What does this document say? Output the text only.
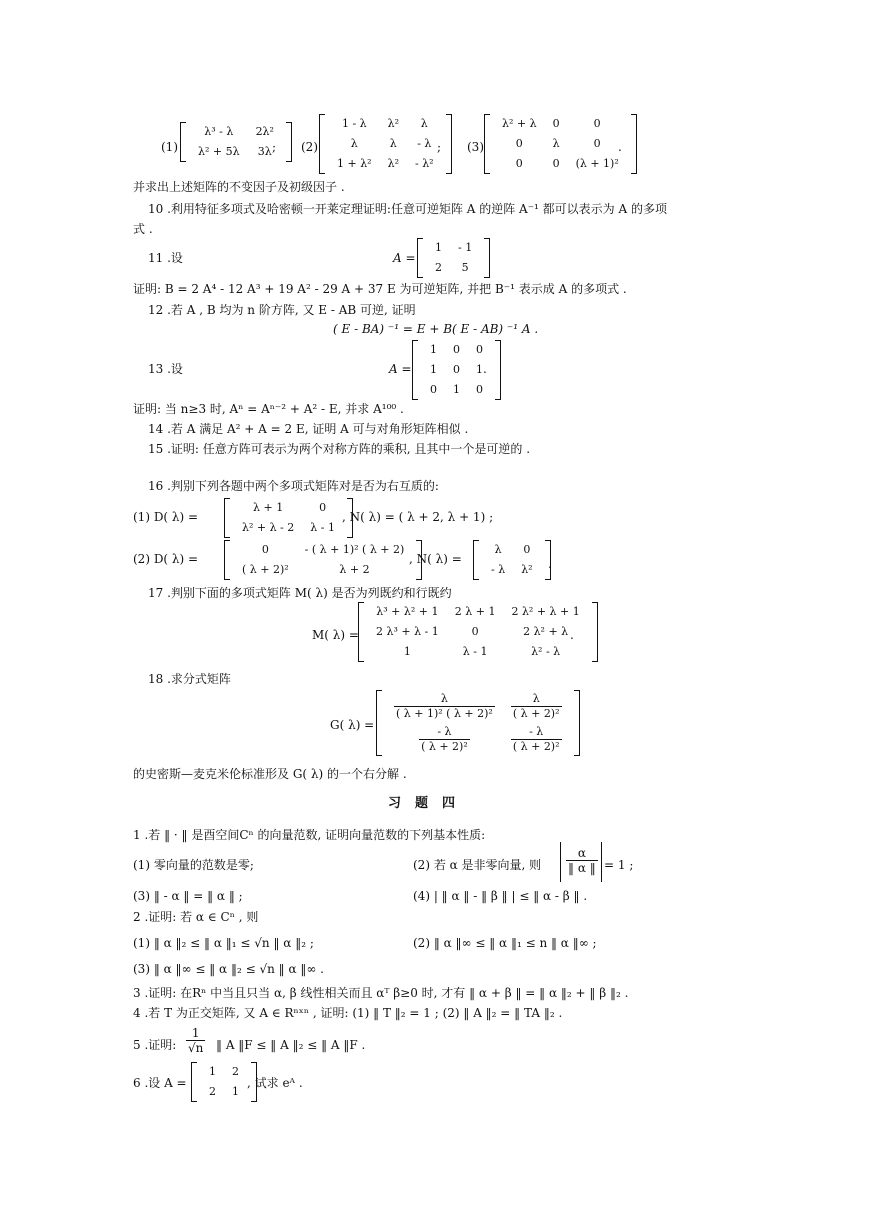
(1)
λ³ - λ	2λ²
λ² + 5λ	3λ ; (2)
1 - λ	λ²	λ
λ	λ	- λ
1 + λ²	λ²	- λ²
; (3)
λ² + λ	0	0
0	λ	0
0	0	(λ + 1)²
.
并求出上述矩阵的不变因子及初级因子 .
10 .利用特征多项式及哈密顿一开莱定理证明:任意可逆矩阵 A 的逆阵 A⁻¹ 都可以表示为 A 的多项
式 .
11 .设	A =
1	- 1
2	5
证明: B = 2 A⁴ - 12 A³ + 19 A² - 29 A + 37 E 为可逆矩阵, 并把 B⁻¹ 表示成 A 的多项式 .
12 .若 A , B 均为 n 阶方阵, 又 E - AB 可逆, 证明
( E - BA) ⁻¹ = E + B( E - AB) ⁻¹ A .
13 .设	A =
1	0	0
1	0	1
0	1	0
.
证明: 当 n≥3 时, Aⁿ = Aⁿ⁻² + A² - E, 并求 A¹⁰⁰ .
14 .若 A 满足 A² + A = 2 E, 证明 A 可与对角形矩阵相似 .
15 .证明: 任意方阵可表示为两个对称方阵的乘积, 且其中一个是可逆的 .
16 .判别下列各题中两个多项式矩阵对是否为右互质的:
(1) D( λ) =
λ + 1	0
λ² + λ - 2	λ - 1
, N( λ) = ( λ + 2, λ + 1) ;
(2) D( λ) =
0	- ( λ + 1)² ( λ + 2)
( λ + 2)²	λ + 2
, N( λ) =
λ	0
- λ	λ² .
17 .判别下面的多项式矩阵 M( λ) 是否为列既约和行既约
M( λ) =
λ³ + λ² + 1	2 λ + 1	2 λ² + λ + 1
2 λ³ + λ - 1	0	2 λ² + λ
1	λ - 1	λ² - λ
.
18 .求分式矩阵
G( λ) =
$\frac{\lambda}{\text{( λ + 1)² ( λ + 2)²}}$	$\frac{\lambda}{\text{( λ + 2)²}}$

$\frac{- \lambda}{\text{( λ + 2)²}}$	$\frac{- \lambda}{\text{( λ + 2)²}}$
的史密斯—麦克米伦标准形及 G( λ) 的一个右分解 .
习题四
1 .若 ‖ · ‖ 是酉空间Cⁿ 的向量范数, 证明向量范数的下列基本性质:
(1) 零向量的范数是零;	(2) 若 α 是非零向量, 则 $\frac{\alpha}{‖ \alpha ‖} = 1$ ;
(3) ‖ - α ‖ = ‖ α ‖ ;	(4) | ‖ α ‖ - ‖ β ‖ | ≤ ‖ α - β ‖ .
2 .证明: 若 α ∈ Cⁿ , 则
(1) ‖ α ‖₂ ≤ ‖ α ‖₁ ≤ √n ‖ α ‖₂ ;	(2) ‖ α ‖∞ ≤ ‖ α ‖₁ ≤ n ‖ α ‖∞ ;
(3) ‖ α ‖∞ ≤ ‖ α ‖₂ ≤ √n ‖ α ‖∞ .
3 .证明: 在Rⁿ 中当且只当 α, β 线性相关而且 αᵀ β≥0 时, 才有 ‖ α + β ‖ = ‖ α ‖₂ + ‖ β ‖₂ .
4 .若 T 为正交矩阵, 又 A ∈ Rⁿˣⁿ , 证明: (1) ‖ T ‖₂ = 1 ; (2) ‖ A ‖₂ = ‖ TA ‖₂ .
5 .证明: $\frac{1}{√n}$ ‖ A ‖F ≤ ‖ A ‖₂ ≤ ‖ A ‖F .
6 .设 A =
1	2
2	1
, 试求 eᴬ .
